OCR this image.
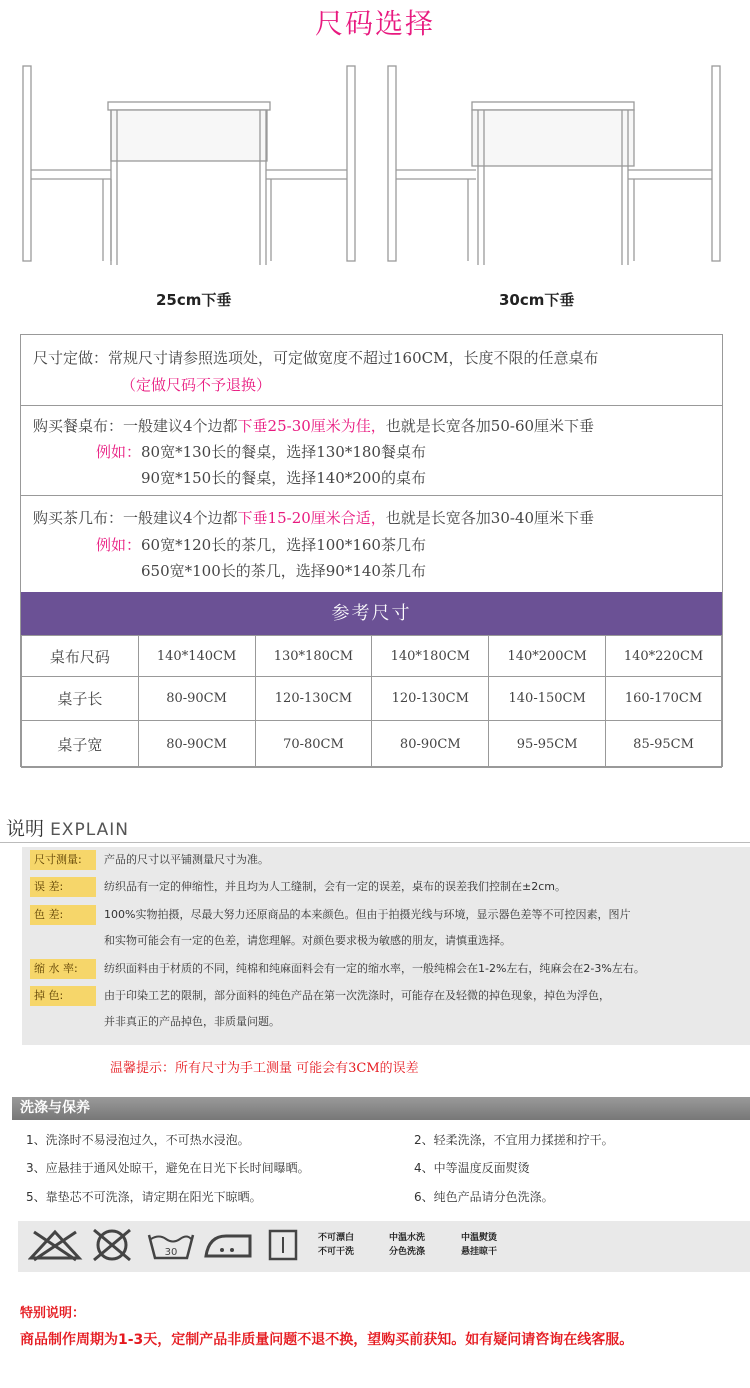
尺码选择
25cm下垂	30cm下垂
尺寸定做：常规尺寸请参照选项处，可定做宽度不超过160CM，长度不限的任意桌布
（定做尺码不予退换）
购买餐桌布：一般建议4个边都下垂25-30厘米为佳，也就是长宽各加50-60厘米下垂
例如： 80宽*130长的餐桌，选择130*180餐桌布
90宽*150长的餐桌，选择140*200的桌布
购买茶几布：一般建议4个边都下垂15-20厘米合适，也就是长宽各加30-40厘米下垂
例如： 60宽*120长的茶几，选择100*160茶几布
650宽*100长的茶几，选择90*140茶几布
参考尺寸
桌布尺码	140*140CM	130*180CM	140*180CM	140*200CM	140*220CM
桌子长	80-90CM	120-130CM	120-130CM	140-150CM	160-170CM
桌子宽	80-90CM	70-80CM	80-90CM	95-95CM	85-95CM
说明 EXPLAIN
尺寸测量:	产品的尺寸以平铺测量尺寸为准。
误 差:	纺织品有一定的伸缩性，并且均为人工缝制，会有一定的误差，桌布的误差我们控制在±2cm。
色 差:	100%实物拍摄，尽最大努力还原商品的本来颜色。但由于拍摄光线与环境，显示器色差等不可控因素，图片
和实物可能会有一定的色差，请您理解。对颜色要求极为敏感的朋友，请慎重选择。
缩 水 率:	纺织面料由于材质的不同，纯棉和纯麻面料会有一定的缩水率，一般纯棉会在1-2%左右，纯麻会在2-3%左右。
掉 色:	由于印染工艺的限制，部分面料的纯色产品在第一次洗涤时，可能存在及轻微的掉色现象，掉色为浮色，
并非真正的产品掉色，非质量问题。
温馨提示：所有尺寸为手工测量 可能会有3CM的误差
洗涤与保养
1、洗涤时不易浸泡过久，不可热水浸泡。	2、轻柔洗涤，不宜用力揉搓和拧干。
3、应悬挂于通风处晾干，避免在日光下长时间曝晒。	4、中等温度反面熨烫
5、靠垫芯不可洗涤，请定期在阳光下晾晒。	6、纯色产品请分色洗涤。
30
不可漂白
不可干洗
中温水洗
分色洗涤
中温熨烫
悬挂晾干
特别说明：
商品制作周期为1-3天，定制产品非质量问题不退不换，望购买前获知。如有疑问请咨询在线客服。
